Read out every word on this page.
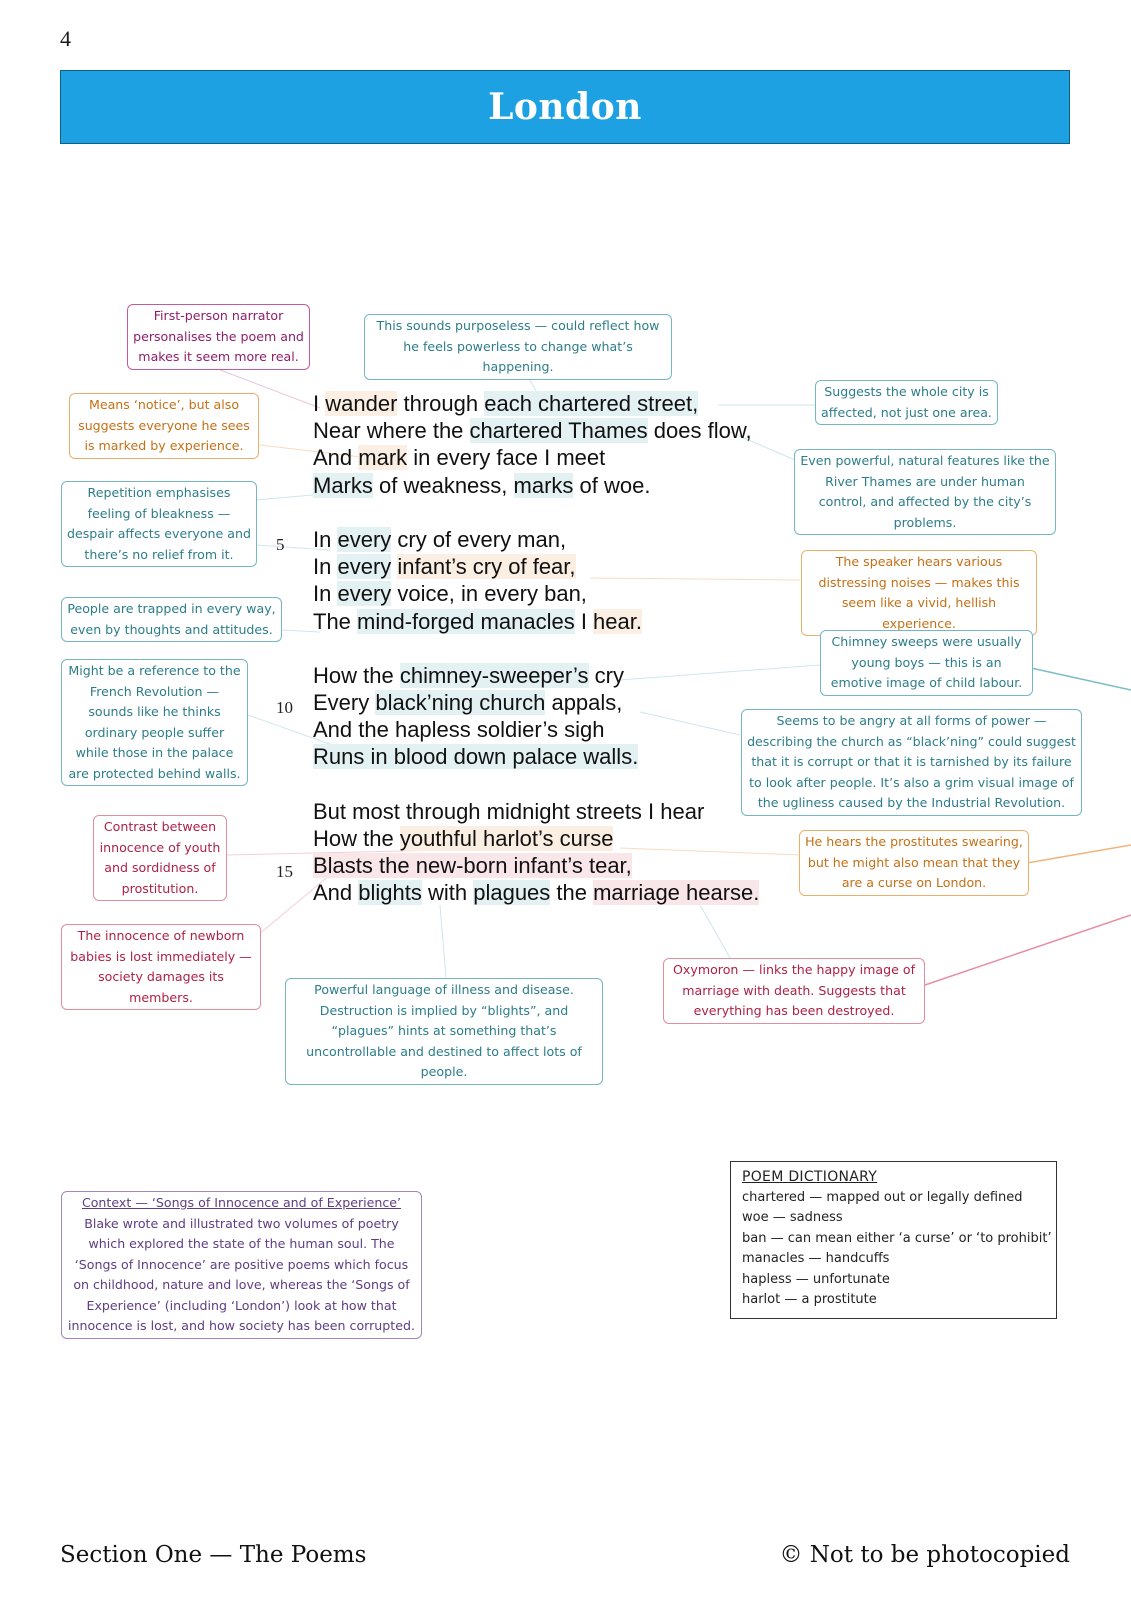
4
London
I wander through each chartered street,
Near where the chartered Thames does flow,
And mark in every face I meet
Marks of weakness, marks of woe.
In every cry of every man,
In every infant’s cry of fear,
In every voice, in every ban,
The mind-forged manacles I hear.
How the chimney-sweeper’s cry
Every black’ning church appals,
And the hapless soldier’s sigh
Runs in blood down palace walls.
But most through midnight streets I hear
How the youthful harlot’s curse
Blasts the new-born infant’s tear,
And blights with plagues the marriage hearse.
5
10
15
First-person narrator personalises the poem and makes it seem more real.
This sounds purposeless — could reflect how he feels powerless to change what’s happening.
Means ‘notice’, but also suggests everyone he sees is marked by experience.
Suggests the whole city is affected, not just one area.
Even powerful, natural features like the River Thames are under human control, and affected by the city’s problems.
Repetition emphasises feeling of bleakness — despair affects everyone and there’s no relief from it.	The speaker hears various distressing noises — makes this seem like a vivid, hellish experience.
People are trapped in every way, even by thoughts and attitudes.
Chimney sweeps were usually young boys — this is an emotive image of child labour.
Might be a reference to the French Revolution — sounds like he thinks ordinary people suffer while those in the palace are protected behind walls.
Seems to be angry at all forms of power — describing the church as “black’ning” could suggest that it is corrupt or that it is tarnished by its failure to look after people. It’s also a grim visual image of the ugliness caused by the Industrial Revolution.
Contrast between innocence of youth and sordidness of prostitution.
He hears the prostitutes swearing, but he might also mean that they are a curse on London.
The innocence of newborn babies is lost immediately — society damages its members.
Oxymoron — links the happy image of marriage with death. Suggests that everything has been destroyed.
Powerful language of illness and disease. Destruction is implied by “blights”, and “plagues” hints at something that’s uncontrollable and destined to affect lots of people.
Context — ‘Songs of Innocence and of Experience’
Blake wrote and illustrated two volumes of poetry which explored the state of the human soul. The ‘Songs of Innocence’ are positive poems which focus on childhood, nature and love, whereas the ‘Songs of Experience’ (including ‘London’) look at how that innocence is lost, and how society has been corrupted.
POEM DICTIONARY
chartered — mapped out or legally defined
woe — sadness
ban — can mean either ‘a curse’ or ‘to prohibit’
manacles — handcuffs
hapless — unfortunate
harlot — a prostitute
Section One — The Poems	© Not to be photocopied
